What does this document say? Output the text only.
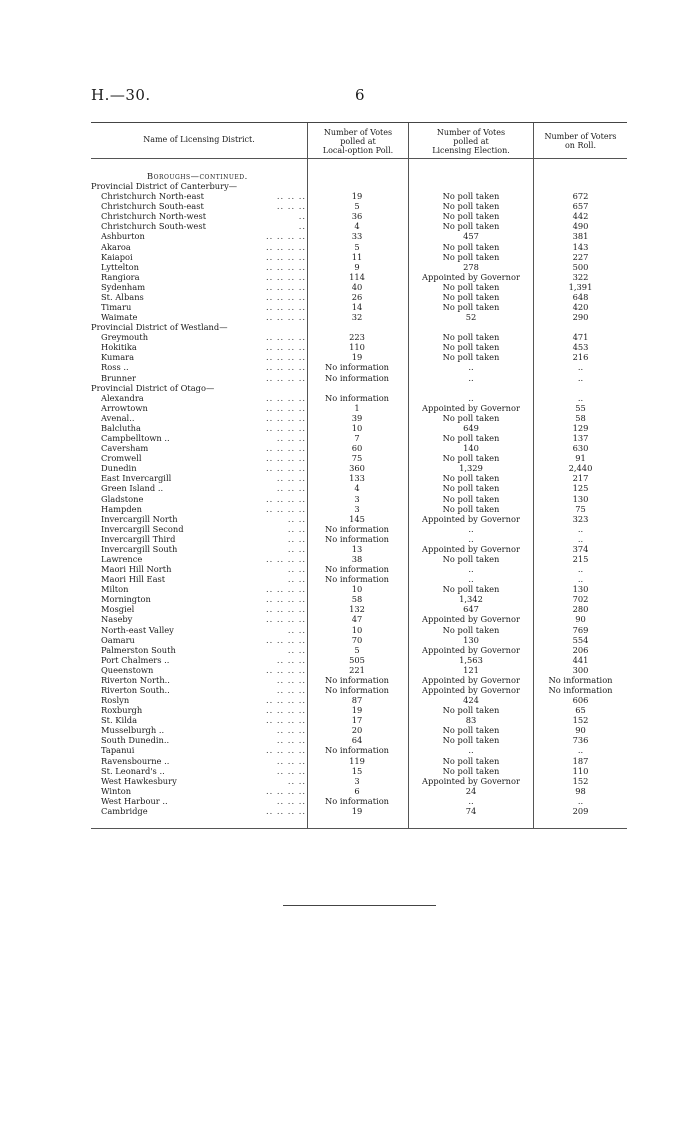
H.—30.	6
Name of Licensing District.
Number of Votes
polled at
Local-option Poll.
Number of Votes
polled at
Licensing Election.
Number of Voters
on Roll.
Boroughs—continued.
Provincial District of Canterbury—
Christchurch North-east	.. .. ..	19	No poll taken	672
Christchurch South-east	.. .. ..	5	No poll taken	657
Christchurch North-west	..	36	No poll taken	442
Christchurch South-west	..	4	No poll taken	490
Ashburton	.. .. .. ..	33	457	381
Akaroa	.. .. .. ..	5	No poll taken	143
Kaiapoi	.. .. .. ..	11	No poll taken	227
Lyttelton	.. .. .. ..	9	278	500
Rangiora	.. .. .. ..	114	Appointed by Governor	322
Sydenham	.. .. .. ..	40	No poll taken	1,391
St. Albans	.. .. .. ..	26	No poll taken	648
Timaru	.. .. .. ..	14	No poll taken	420
Waimate	.. .. .. ..	32	52	290
Provincial District of Westland—
Greymouth	.. .. .. ..	223	No poll taken	471
Hokitika	.. .. .. ..	110	No poll taken	453
Kumara	.. .. .. ..	19	No poll taken	216
Ross ..	.. .. .. ..	No information	..	..
Brunner	.. .. .. ..	No information	..	..
Provincial District of Otago—
Alexandra	.. .. .. ..	No information	..	..
Arrowtown	.. .. .. ..	1	Appointed by Governor	55
Avenal..	.. .. .. ..	39	No poll taken	58
Balclutha	.. .. .. ..	10	649	129
Campbelltown ..	.. .. ..	7	No poll taken	137
Caversham	.. .. .. ..	60	140	630
Cromwell	.. .. .. ..	75	No poll taken	91
Dunedin	.. .. .. ..	360	1,329	2,440
East Invercargill	.. .. ..	133	No poll taken	217
Green Island ..	.. .. ..	4	No poll taken	125
Gladstone	.. .. .. ..	3	No poll taken	130
Hampden	.. .. .. ..	3	No poll taken	75
Invercargill North	.. ..	145	Appointed by Governor	323
Invercargill Second	.. ..	No information	..	..
Invercargill Third	.. ..	No information	..	..
Invercargill South	.. ..	13	Appointed by Governor	374
Lawrence	.. .. .. ..	38	No poll taken	215
Maori Hill North	.. ..	No information	..	..
Maori Hill East	.. ..	No information	..	..
Milton	.. .. .. ..	10	No poll taken	130
Mornington	.. .. .. ..	58	1,342	702
Mosgiel	.. .. .. ..	132	647	280
Naseby	.. .. .. ..	47	Appointed by Governor	90
North-east Valley	.. ..	10	No poll taken	769
Oamaru	.. .. .. ..	70	130	554
Palmerston South	.. ..	5	Appointed by Governor	206
Port Chalmers ..	.. .. ..	505	1,563	441
Queenstown	.. .. .. ..	221	121	300
Riverton North..	.. .. ..	No information	Appointed by Governor	No information
Riverton South..	.. .. ..	No information	Appointed by Governor	No information
Roslyn	.. .. .. ..	87	424	606
Roxburgh	.. .. .. ..	19	No poll taken	65
St. Kilda	.. .. .. ..	17	83	152
Musselburgh ..	.. .. ..	20	No poll taken	90
South Dunedin..	.. .. ..	64	No poll taken	736
Tapanui	.. .. .. ..	No information	..	..
Ravensbourne ..	.. .. ..	119	No poll taken	187
St. Leonard's ..	.. .. ..	15	No poll taken	110
West Hawkesbury	.. ..	3	Appointed by Governor	152
Winton	.. .. .. ..	6	24	98
West Harbour ..	.. .. ..	No information	..	..
Cambridge	.. .. .. ..	19	74	209
